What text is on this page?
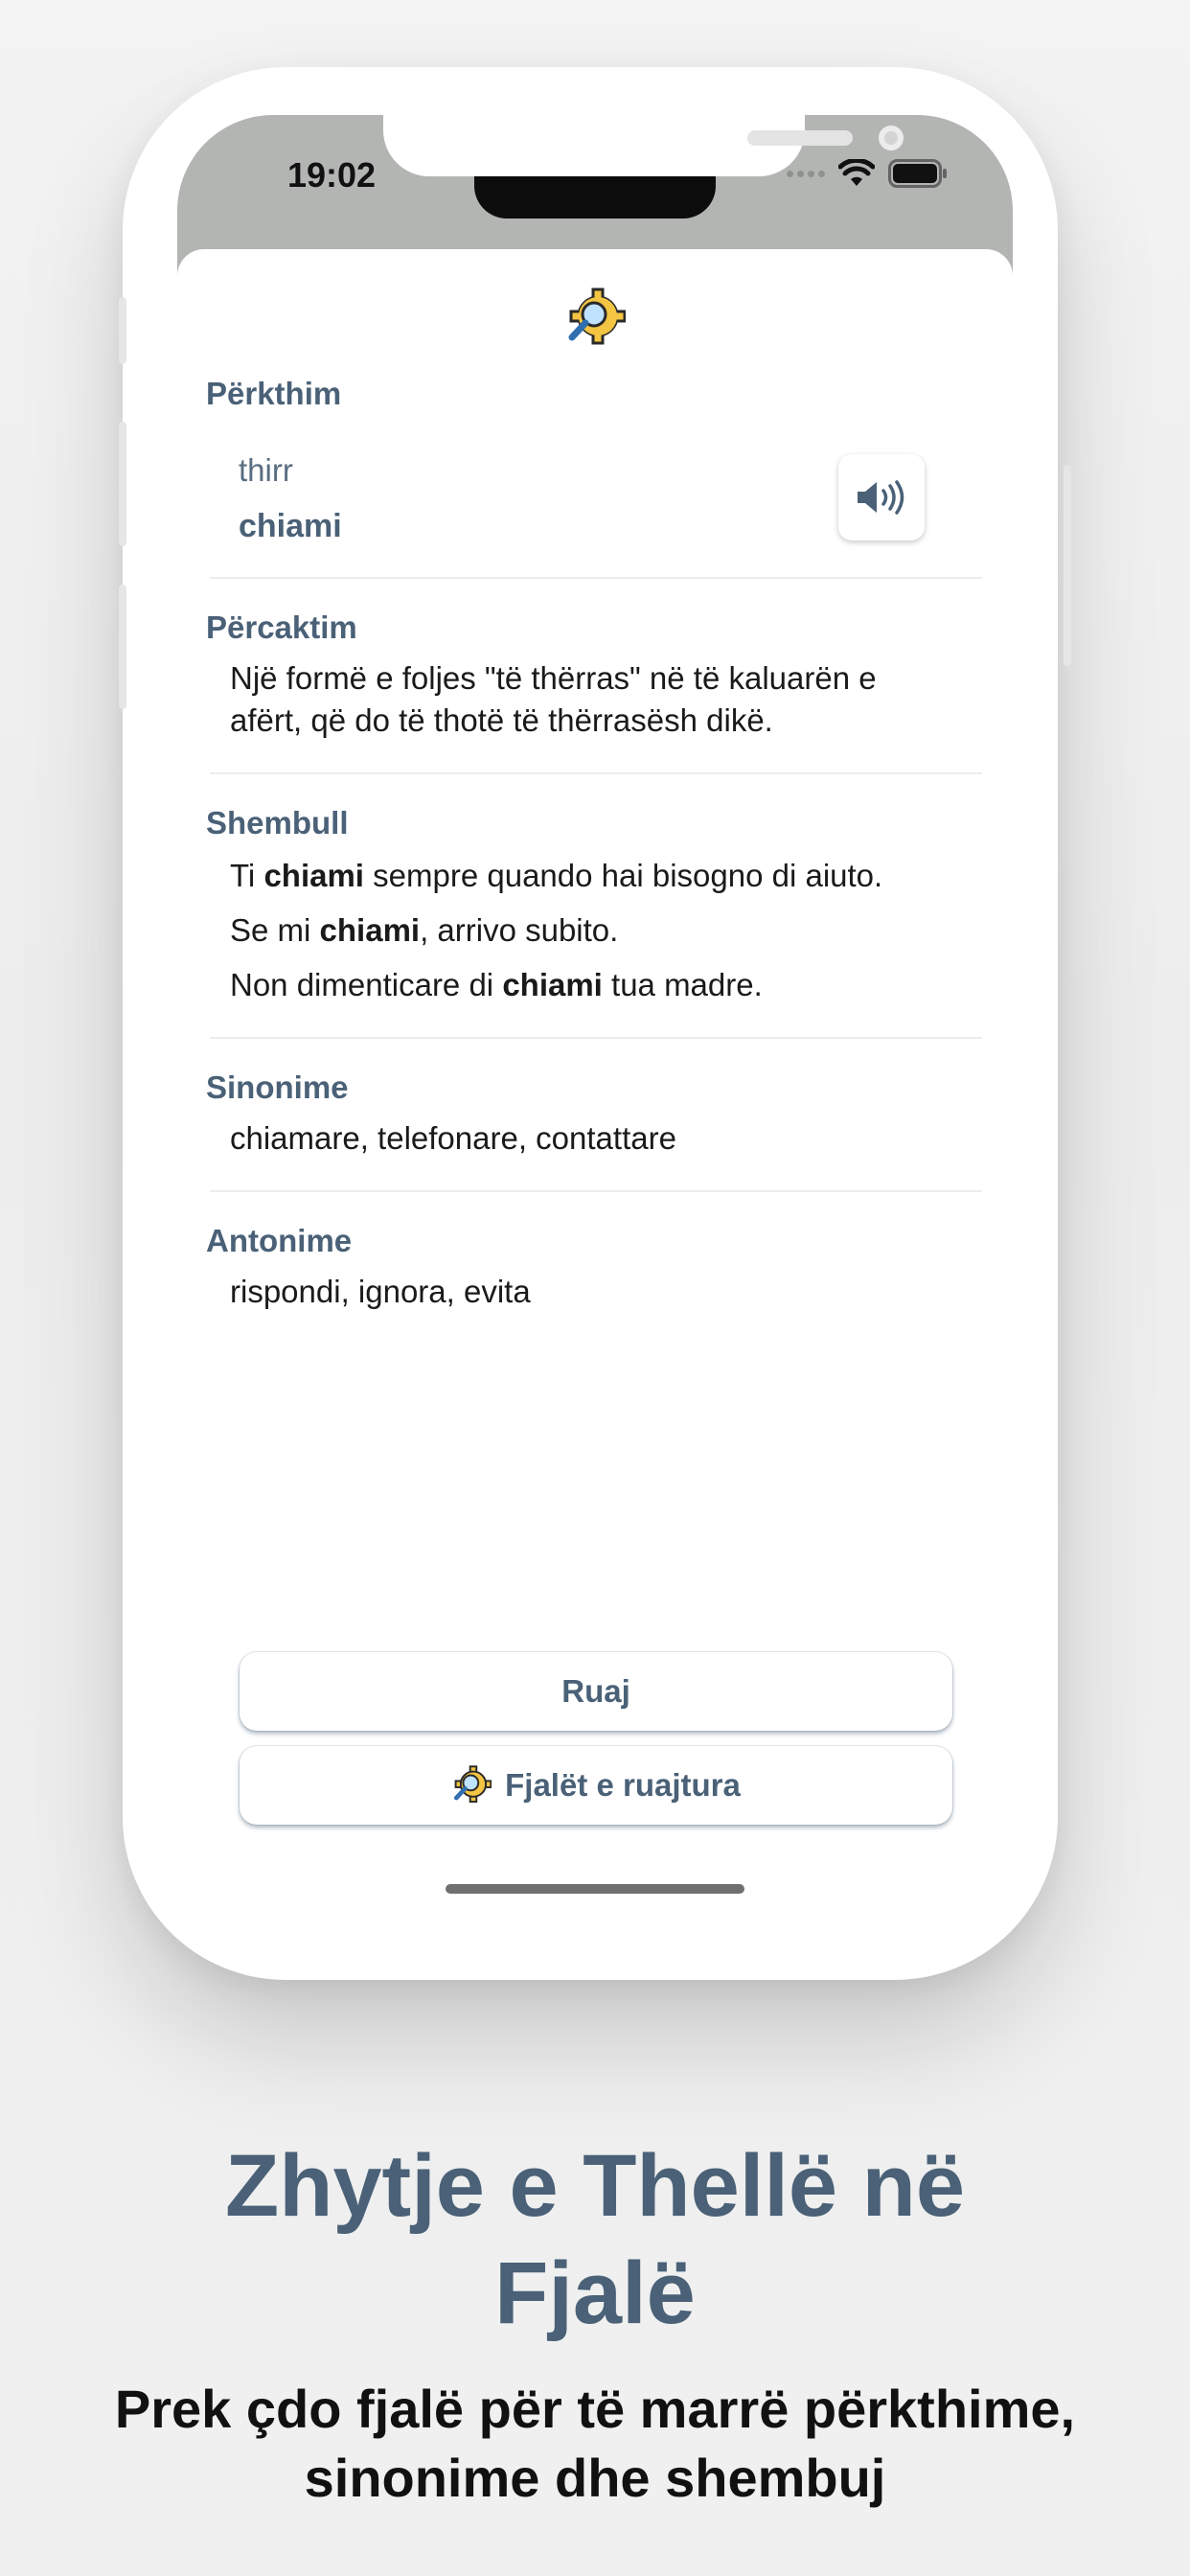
19:02
Përkthim
thirr
chiami
Përcaktim
Një formë e foljes "të thërras" në të kaluarën e
afërt, që do të thotë të thërrasësh dikë.
Shembull
Ti chiami sempre quando hai bisogno di aiuto.
Se mi chiami, arrivo subito.
Non dimenticare di chiami tua madre.
Sinonime
chiamare, telefonare, contattare
Antonime
rispondi, ignora, evita
Ruaj
Fjalët e ruajtura
Zhytje e Thellë në
Fjalë
Prek çdo fjalë për të marrë përkthime,
sinonime dhe shembuj
